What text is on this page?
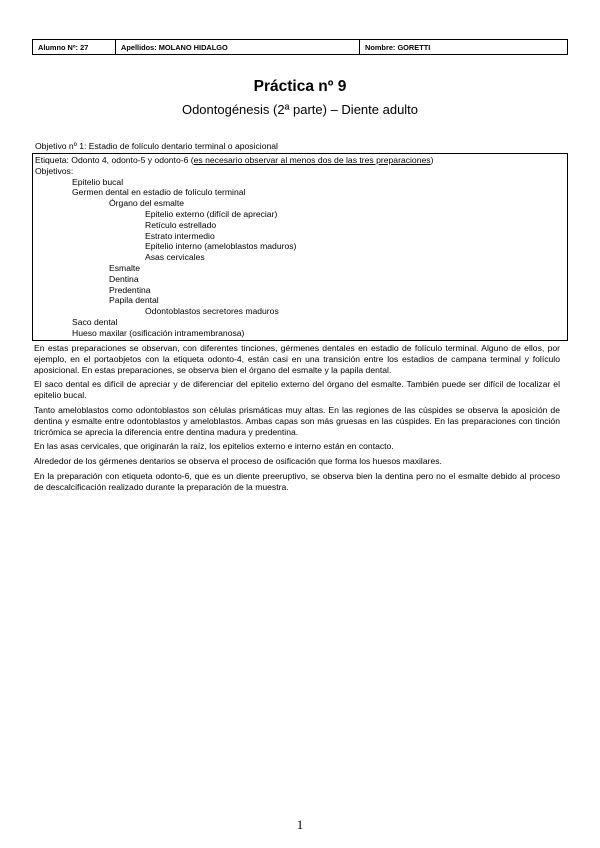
Alumno Nº: 27	Apellidos: MOLANO HIDALGO	Nombre: GORETTI
Práctica nº 9
Odontogénesis (2ª parte) – Diente adulto
Objetivo nº 1: Estadio de folículo dentario terminal o aposicional
Etiqueta: Odonto 4, odonto-5 y odonto-6 (es necesario observar al menos dos de las tres preparaciones)
Objetivos:
Epitelio bucal
Germen dental en estadio de folículo terminal
Órgano del esmalte
Epitelio externo (difícil de apreciar)
Retículo estrellado
Estrato intermedio
Epitelio interno (ameloblastos maduros)
Asas cervicales
Esmalte
Dentina
Predentina
Papila dental
Odontoblastos secretores maduros
Saco dental
Hueso maxilar (osificación intramembranosa)

En estas preparaciones se observan, con diferentes tinciones, gérmenes dentales en estadio de folículo terminal. Alguno de ellos, por ejemplo, en el portaobjetos con la etiqueta odonto-4, están casi en una transición entre los estadios de campana terminal y folículo aposicional. En estas preparaciones, se observa bien el órgano del esmalte y la papila dental.

El saco dental es difícil de apreciar y de diferenciar del epitelio externo del órgano del esmalte. También puede ser difícil de localizar el epitelio bucal.

Tanto ameloblastos como odontoblastos son células prismáticas muy altas. En las regiones de las cúspides se observa la aposición de dentina y esmalte entre odontoblastos y ameloblastos. Ambas capas son más gruesas en las cúspides. En las preparaciones con tinción tricrómica se aprecia la diferencia entre dentina madura y predentina.

En las asas cervicales, que originarán la raíz, los epitelios externo e interno están en contacto.

Alrededor de los gérmenes dentarios se observa el proceso de osificación que forma los huesos maxilares.

En la preparación con etiqueta odonto-6, que es un diente preeruptivo, se observa bien la dentina pero no el esmalte debido al proceso de descalcificación realizado durante la preparación de la muestra.

1
